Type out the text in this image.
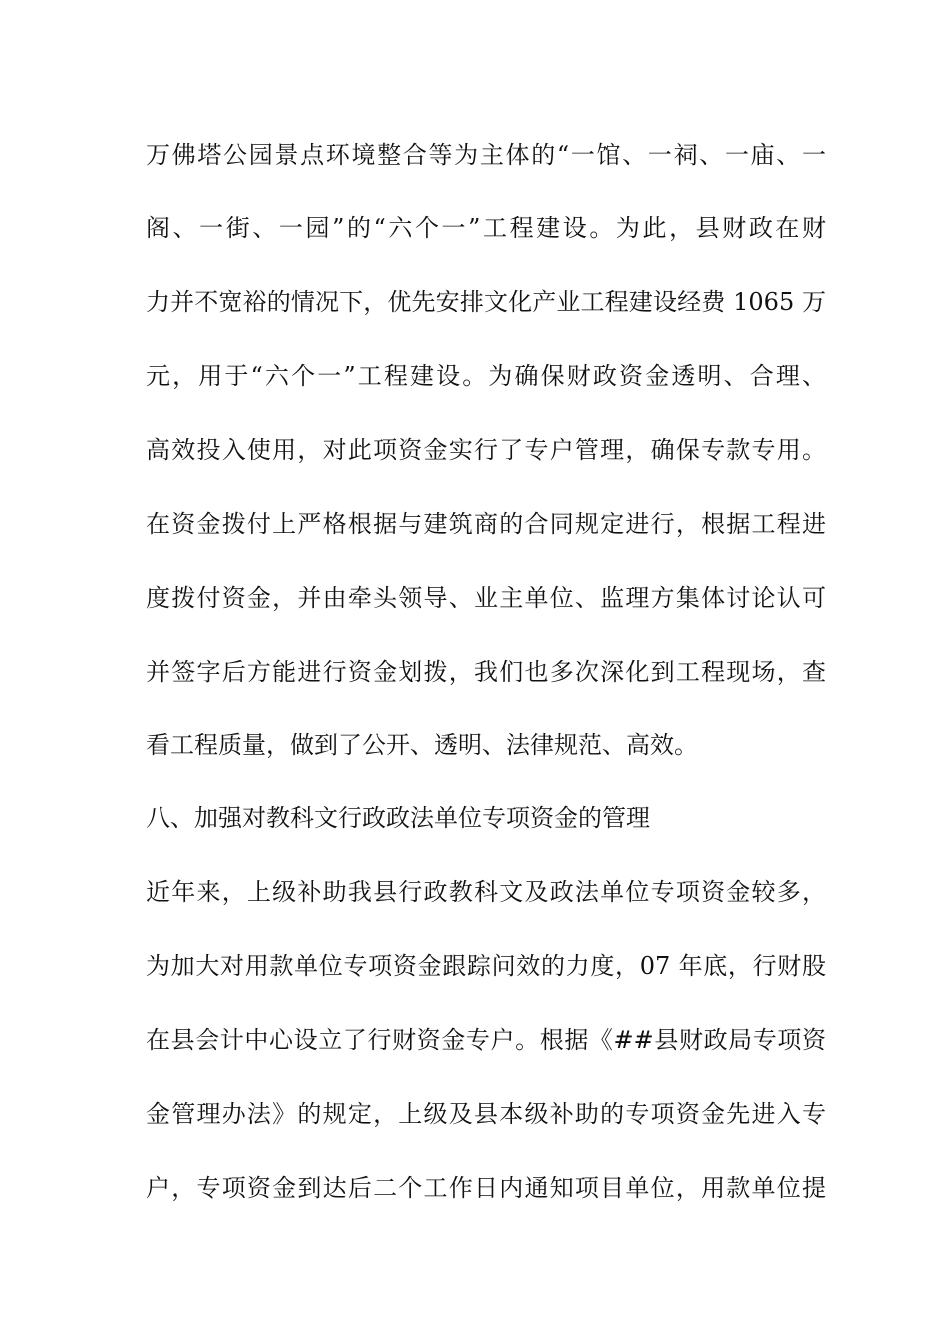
万佛塔公园景点环境整合等为主体的“一馆、一祠、一庙、一
阁、一街、一园”的“六个一”工程建设。为此，县财政在财
力并不宽裕的情况下，优先安排文化产业工程建设经费 1065 万
元，用于“六个一”工程建设。为确保财政资金透明、合理、
高效投入使用，对此项资金实行了专户管理，确保专款专用。
在资金拨付上严格根据与建筑商的合同规定进行，根据工程进
度拨付资金，并由牵头领导、业主单位、监理方集体讨论认可
并签字后方能进行资金划拨，我们也多次深化到工程现场，查
看工程质量，做到了公开、透明、法律规范、高效。
八、加强对教科文行政政法单位专项资金的管理
近年来，上级补助我县行政教科文及政法单位专项资金较多，
为加大对用款单位专项资金跟踪问效的力度，07 年底，行财股
在县会计中心设立了行财资金专户。根据《##县财政局专项资
金管理办法》的规定，上级及县本级补助的专项资金先进入专
户，专项资金到达后二个工作日内通知项目单位，用款单位提
